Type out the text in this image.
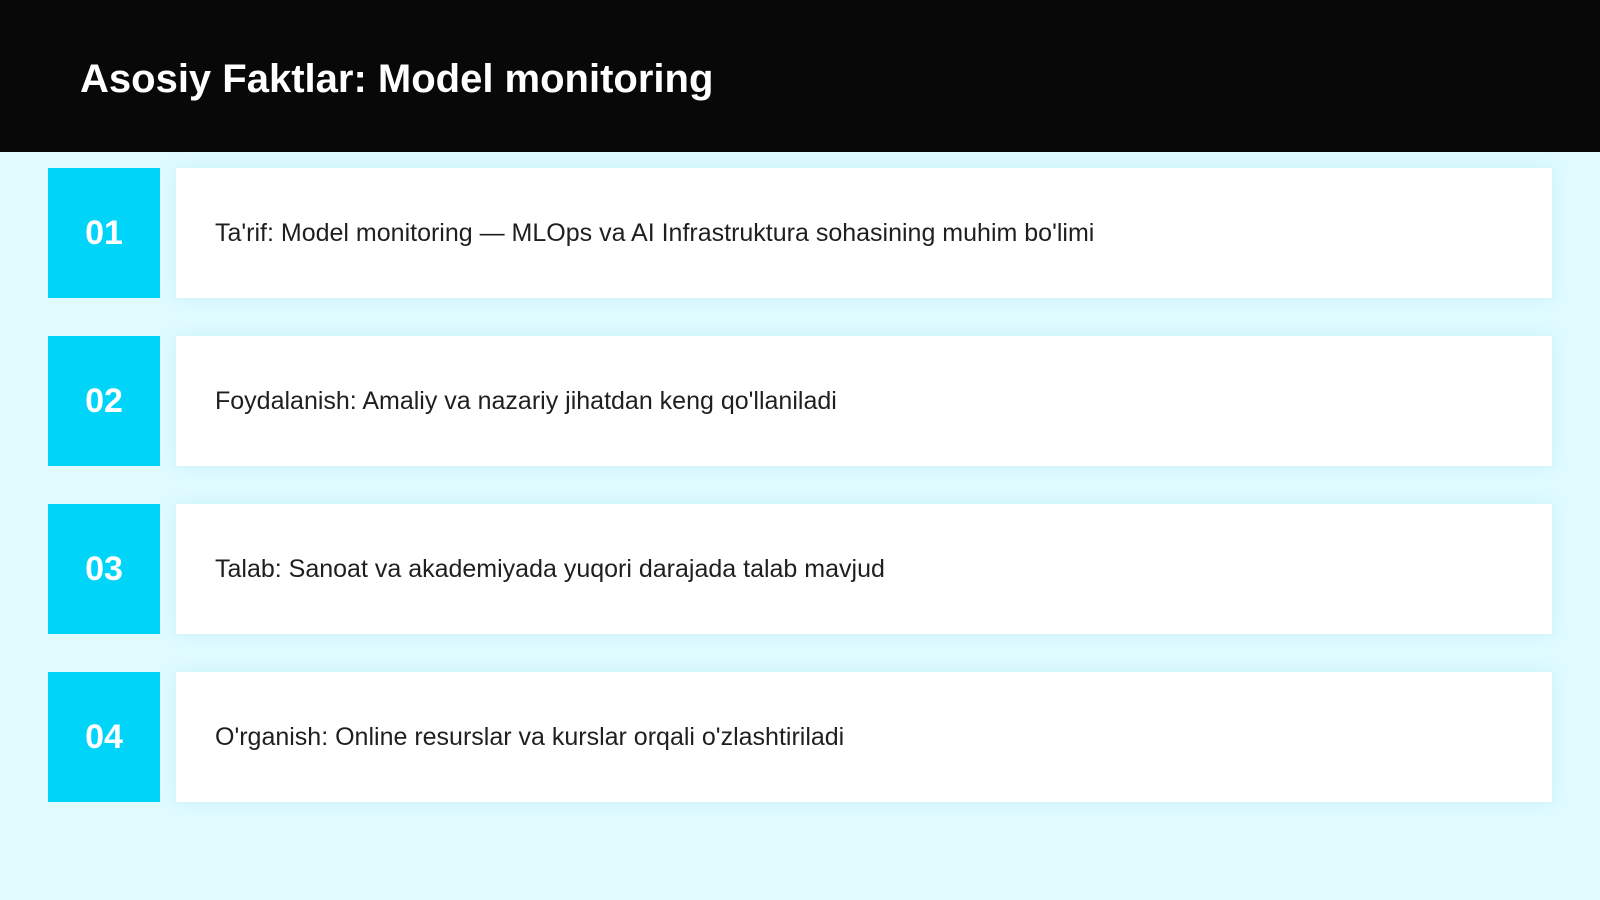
Asosiy Faktlar: Model monitoring
01	Ta'rif: Model monitoring — MLOps va AI Infrastruktura sohasining muhim bo'limi
02	Foydalanish: Amaliy va nazariy jihatdan keng qo'llaniladi
03	Talab: Sanoat va akademiyada yuqori darajada talab mavjud
04	O'rganish: Online resurslar va kurslar orqali o'zlashtiriladi
